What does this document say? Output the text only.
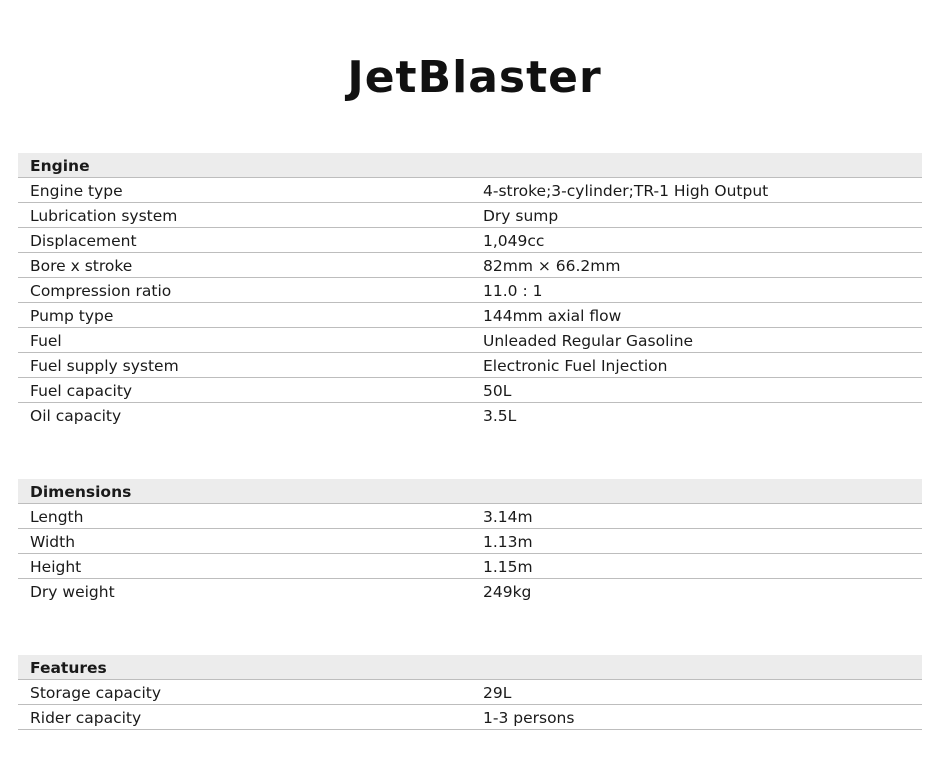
JetBlaster
Engine
Engine type	4-stroke;3-cylinder;TR-1 High Output
Lubrication system	Dry sump
Displacement	1,049cc
Bore x stroke	82mm × 66.2mm
Compression ratio	11.0 : 1
Pump type	144mm axial flow
Fuel	Unleaded Regular Gasoline
Fuel supply system	Electronic Fuel Injection
Fuel capacity	50L
Oil capacity	3.5L
Dimensions
Length	3.14m
Width	1.13m
Height	1.15m
Dry weight	249kg
Features
Storage capacity	29L
Rider capacity	1-3 persons
